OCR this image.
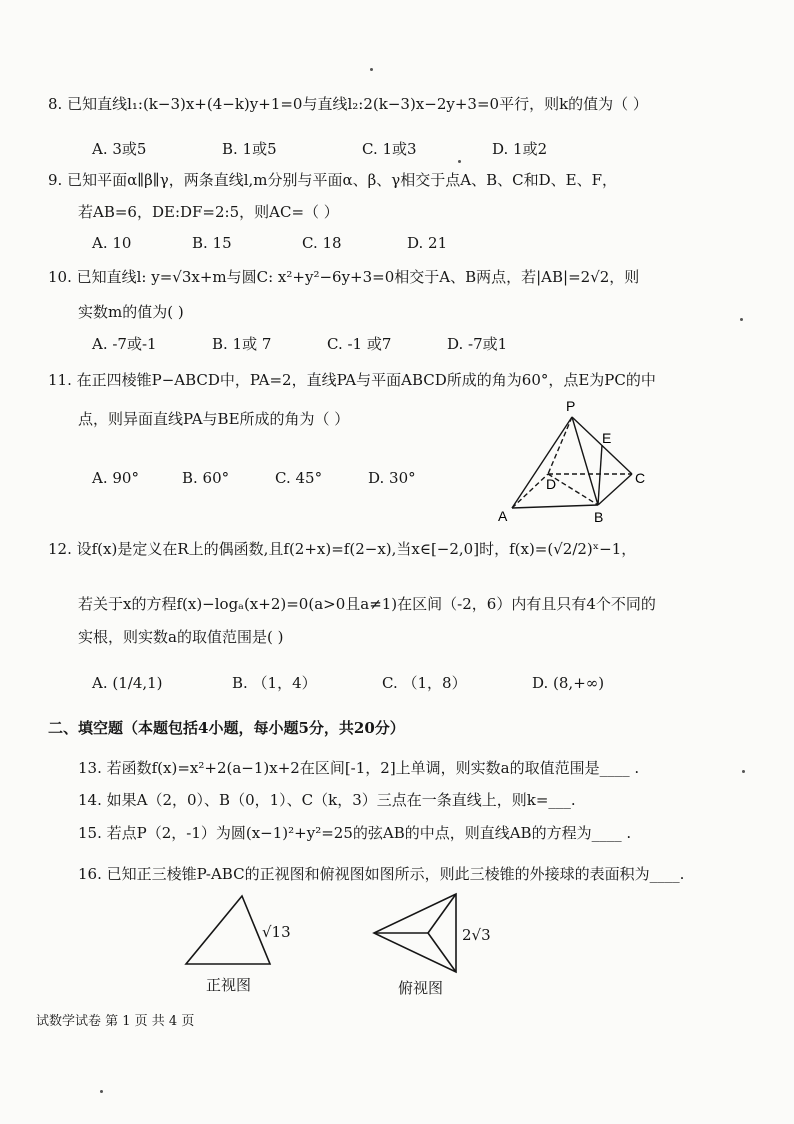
8. 已知直线l₁:(k−3)x+(4−k)y+1=0与直线l₂:2(k−3)x−2y+3=0平行，则k的值为（ ）
A. 3或5	B. 1或5	C. 1或3	D. 1或2
9. 已知平面α∥β∥γ，两条直线l,m分别与平面α、β、γ相交于点A、B、C和D、E、F，
若AB=6，DE:DF=2:5，则AC=（ ）
A. 10	B. 15	C. 18	D. 21
10. 已知直线l: y=√3x+m与圆C: x²+y²−6y+3=0相交于A、B两点，若|AB|=2√2，则
实数m的值为( )
A. -7或-1	B. 1或 7	C. -1 或7	D. -7或1
11. 在正四棱锥P−ABCD中，PA=2，直线PA与平面ABCD所成的角为60°，点E为PC的中
点，则异面直线PA与BE所成的角为（ ）
A. 90°	B. 60°	C. 45°	D. 30°
P
E
D	C
A	B
12. 设f(x)是定义在R上的偶函数,且f(2+x)=f(2−x),当x∈[−2,0]时，f(x)=(√2/2)ˣ−1，
若关于x的方程f(x)−logₐ(x+2)=0(a>0且a≠1)在区间（-2，6）内有且只有4个不同的
实根，则实数a的取值范围是( )
A. (1/4,1)	B. （1，4）	C. （1，8）	D. (8,+∞)
二、填空题（本题包括4小题，每小题5分，共20分）
13. 若函数f(x)=x²+2(a−1)x+2在区间[-1，2]上单调，则实数a的取值范围是____ .
14. 如果A（2，0）、B（0，1）、C（k，3）三点在一条直线上，则k=___.
15. 若点P（2，-1）为圆(x−1)²+y²=25的弦AB的中点，则直线AB的方程为____ .
16. 已知正三棱锥P-ABC的正视图和俯视图如图所示，则此三棱锥的外接球的表面积为____.
√13
正视图
2√3
俯视图
试数学试卷 第 1 页 共 4 页
